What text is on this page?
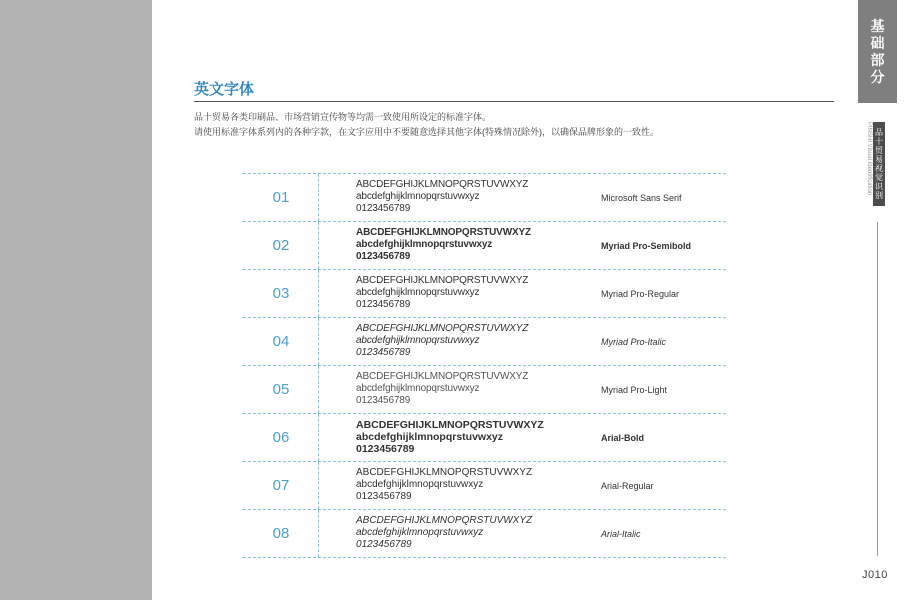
基
础
部
分
PINSHI Visual Identification 品十贸易视觉识别
J010
英文字体
品十贸易各类印刷品、市场营销宣传物等均需一致使用所设定的标准字体。
请使用标准字体系列内的各种字款，在文字应用中不要随意选择其他字体(特殊情况除外)，以确保品牌形象的一致性。
01
ABCDEFGHIJKLMNOPQRSTUVWXYZ
abcdefghijklmnopqrstuvwxyz
0123456789
Microsoft Sans Serif
02
ABCDEFGHIJKLMNOPQRSTUVWXYZ
abcdefghijklmnopqrstuvwxyz
0123456789
Myriad Pro-Semibold
03
ABCDEFGHIJKLMNOPQRSTUVWXYZ
abcdefghijklmnopqrstuvwxyz
0123456789
Myriad Pro-Regular
04
ABCDEFGHIJKLMNOPQRSTUVWXYZ
abcdefghijklmnopqrstuvwxyz
0123456789
Myriad Pro-Italic
05
ABCDEFGHIJKLMNOPQRSTUVWXYZ
abcdefghijklmnopqrstuvwxyz
0123456789
Myriad Pro-Light
06
ABCDEFGHIJKLMNOPQRSTUVWXYZ
abcdefghijklmnopqrstuvwxyz
0123456789
Arial-Bold
07
ABCDEFGHIJKLMNOPQRSTUVWXYZ
abcdefghijklmnopqrstuvwxyz
0123456789
Arial-Regular
08
ABCDEFGHIJKLMNOPQRSTUVWXYZ
abcdefghijklmnopqrstuvwxyz
0123456789
Arial-Italic
